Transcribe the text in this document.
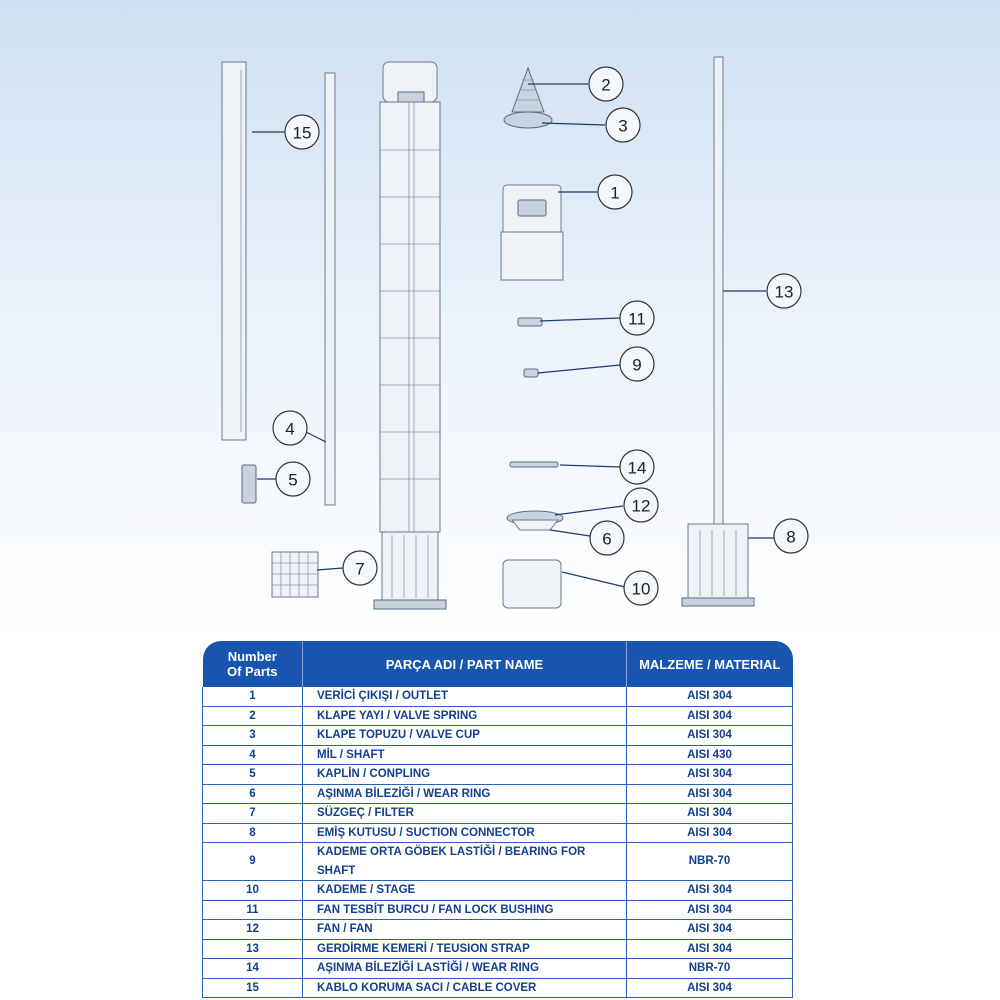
1
2
3
4
5
6
7
8
9
10
11
12
13
14
15
Number
Of Parts	PARÇA ADI / PART NAME	MALZEME / MATERIAL
1	VERİCİ ÇIKIŞI / OUTLET	AISI 304
2	KLAPE YAYI / VALVE SPRING	AISI 304
3	KLAPE TOPUZU / VALVE CUP	AISI 304
4	MİL / SHAFT	AISI 430
5	KAPLİN / CONPLING	AISI 304
6	AŞINMA BİLEZİĞİ / WEAR RING	AISI 304
7	SÜZGEÇ / FILTER	AISI 304
8	EMİŞ KUTUSU / SUCTION CONNECTOR	AISI 304
9	KADEME ORTA GÖBEK LASTİĞİ / BEARING FOR SHAFT	NBR-70
10	KADEME / STAGE	AISI 304
11	FAN TESBİT BURCU / FAN LOCK BUSHING	AISI 304
12	FAN / FAN	AISI 304
13	GERDİRME KEMERİ / TEUSION STRAP	AISI 304
14	AŞINMA BİLEZİĞİ LASTİĞİ / WEAR RING	NBR-70
15	KABLO KORUMA SACI / CABLE COVER	AISI 304
